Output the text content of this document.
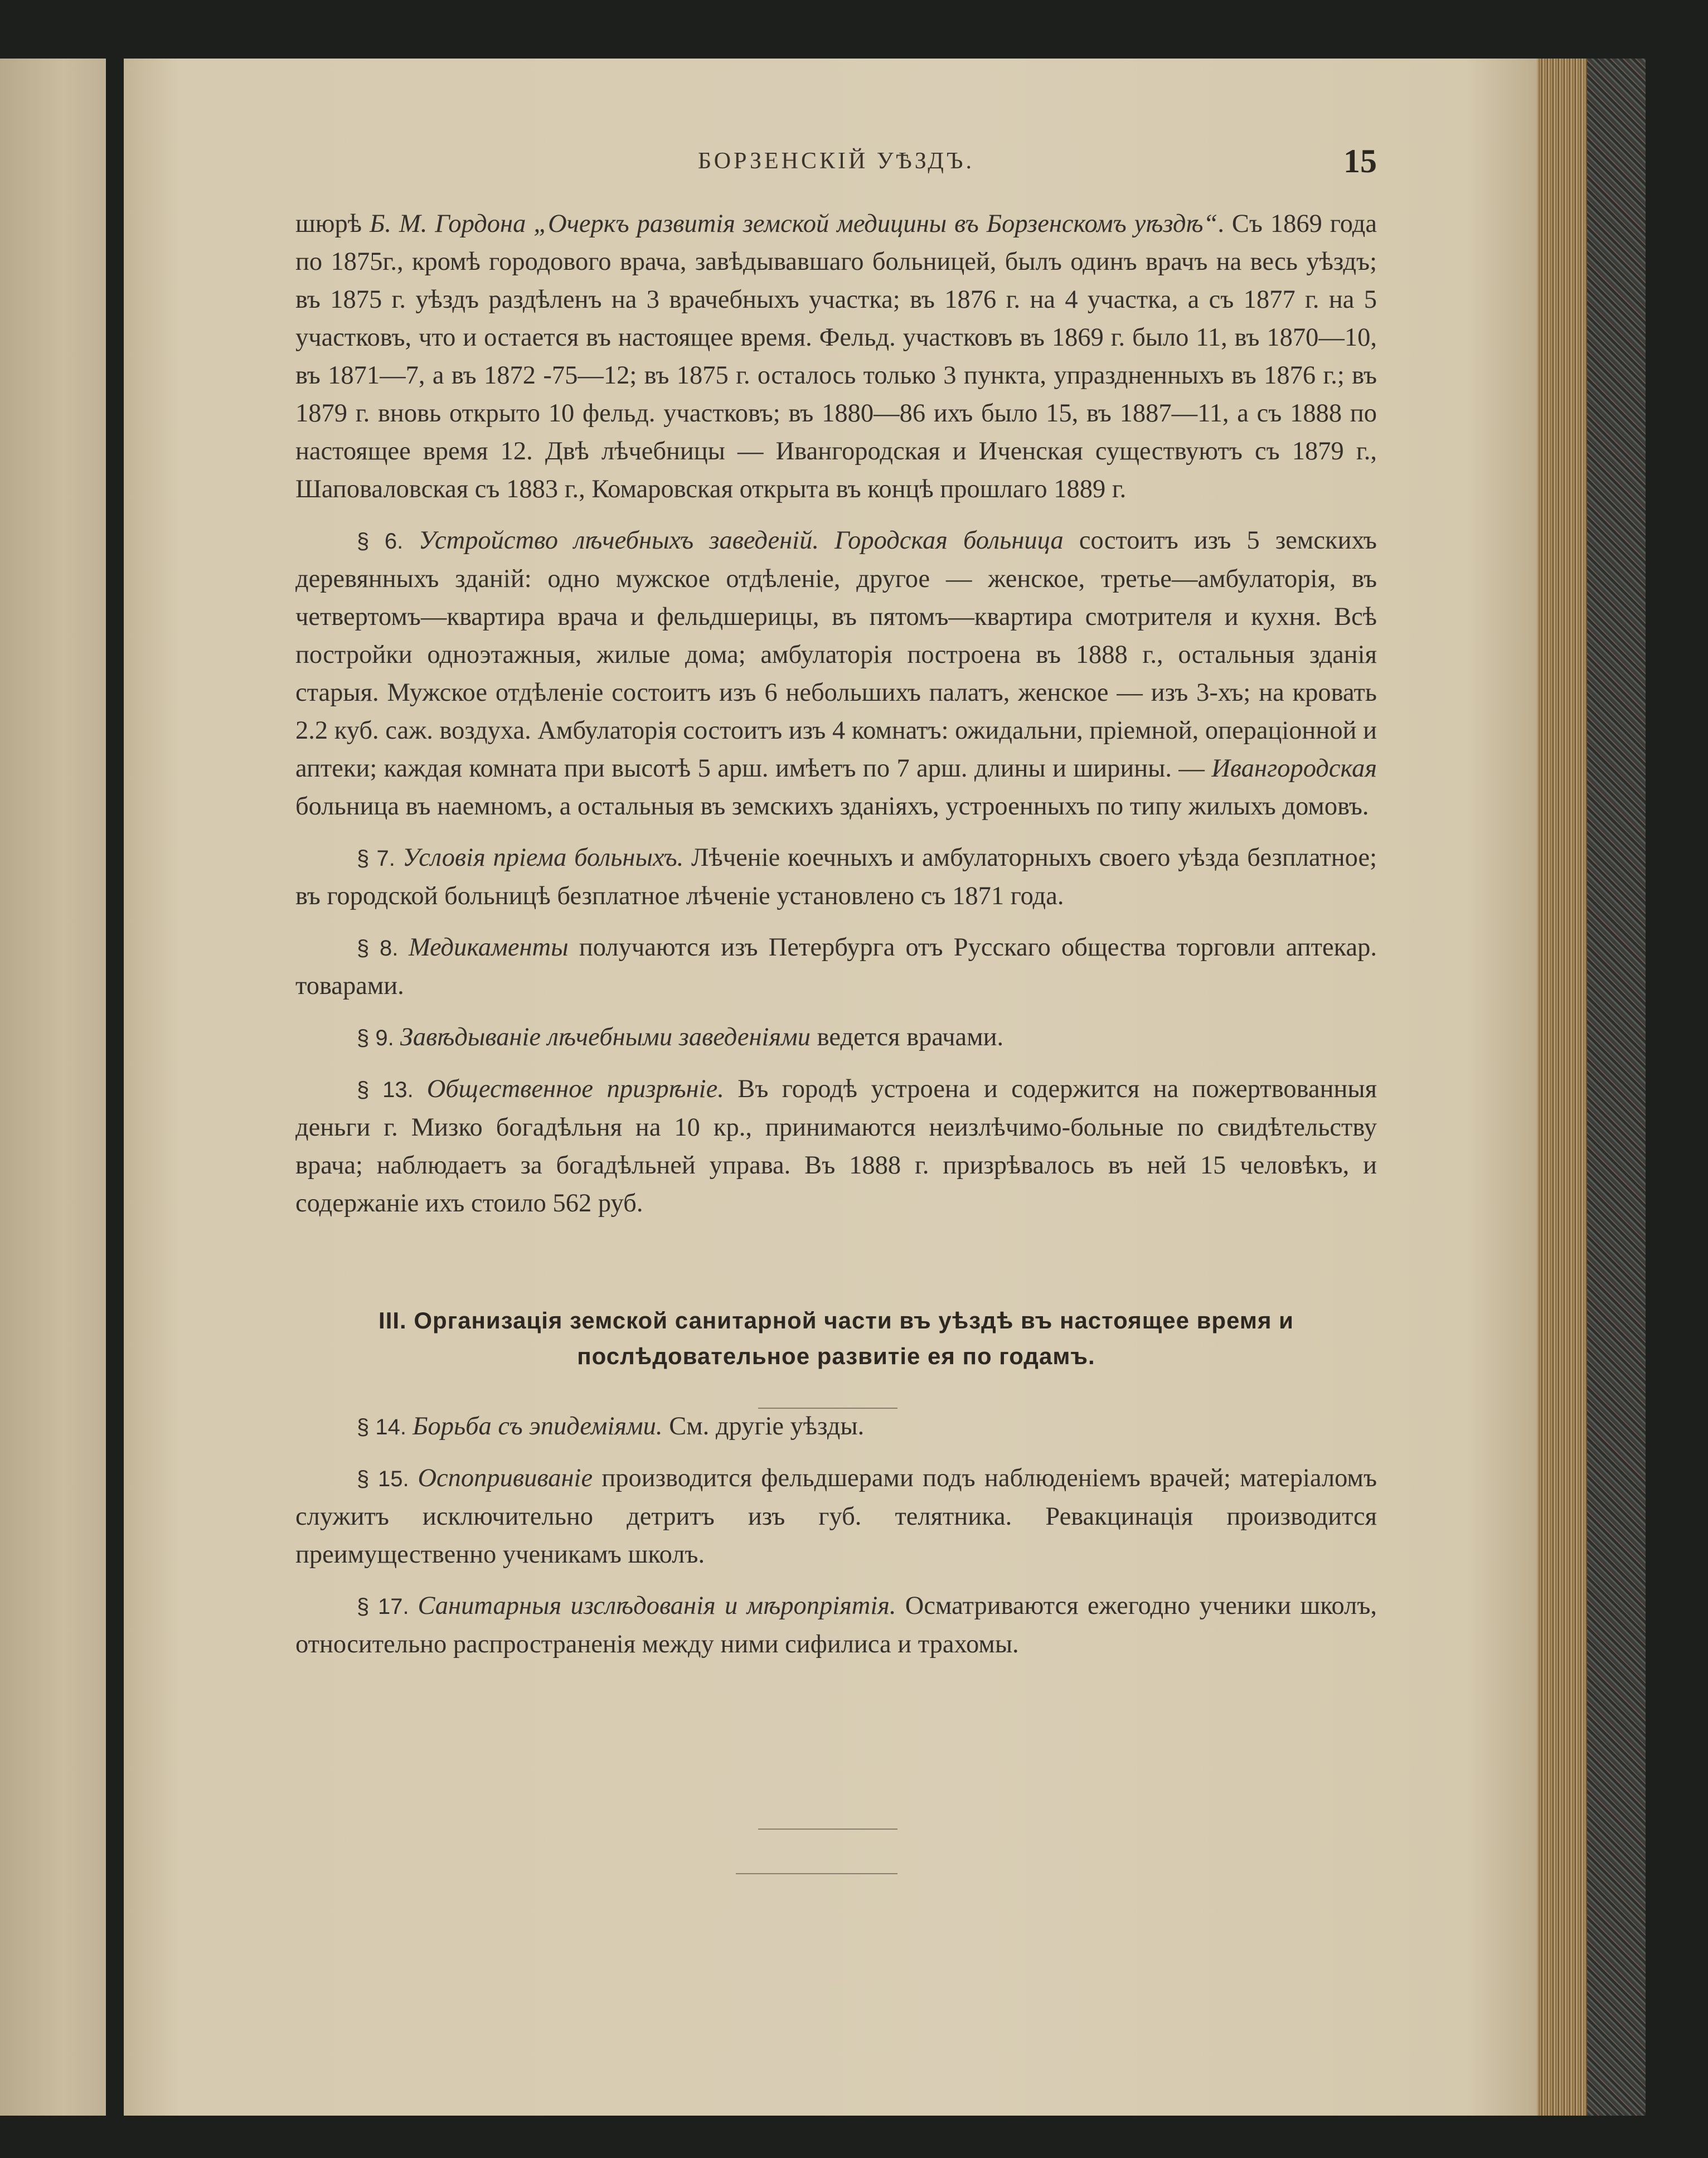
БОРЗЕНСКІЙ УѢЗДЪ.	15

шюрѣ Б. М. Гордона „Очеркъ развитія земской медицины въ Борзенскомъ уѣздѣ“. Съ 1869 года по 1875г., кромѣ городового врача, завѣдывавшаго больницей, былъ одинъ врачъ на весь уѣздъ; въ 1875 г. уѣздъ раздѣленъ на 3 врачебныхъ участка; въ 1876 г. на 4 участка, а съ 1877 г. на 5 участковъ, что и остается въ настоящее время. Фельд. участковъ въ 1869 г. было 11, въ 1870—10, въ 1871—7, а въ 1872 -75—12; въ 1875 г. осталось только 3 пункта, упраздненныхъ въ 1876 г.; въ 1879 г. вновь открыто 10 фельд. участковъ; въ 1880—86 ихъ было 15, въ 1887—11, а съ 1888 по настоящее время 12. Двѣ лѣчебницы — Ивангородская и Иченская существуютъ съ 1879 г., Шаповаловская съ 1883 г., Комаровская открыта въ концѣ прошлаго 1889 г.

§ 6. Устройство лѣчебныхъ заведеній. Городская больница состоитъ изъ 5 земскихъ деревянныхъ зданій: одно мужское отдѣленіе, другое — женское, третье—амбулаторія, въ четвертомъ—квартира врача и фельдшерицы, въ пятомъ—квартира смотрителя и кухня. Всѣ постройки одноэтажныя, жилые дома; амбулаторія построена въ 1888 г., остальныя зданія старыя. Мужское отдѣленіе состоитъ изъ 6 небольшихъ палатъ, женское — изъ 3-хъ; на кровать 2.2 куб. саж. воздуха. Амбулаторія состоитъ изъ 4 комнатъ: ожидальни, пріемной, операціонной и аптеки; каждая комната при высотѣ 5 арш. имѣетъ по 7 арш. длины и ширины. — Ивангородская больница въ наемномъ, а остальныя въ земскихъ зданіяхъ, устроенныхъ по типу жилыхъ домовъ.

§ 7. Условія пріема больныхъ. Лѣченіе коечныхъ и амбулаторныхъ своего уѣзда безплатное; въ городской больницѣ безплатное лѣченіе установлено съ 1871 года.

§ 8. Медикаменты получаются изъ Петербурга отъ Русскаго общества торговли аптекар. товарами.

§ 9. Завѣдываніе лѣчебными заведеніями ведется врачами.

§ 13. Общественное призрѣніе. Въ городѣ устроена и содержится на пожертвованныя деньги г. Мизко богадѣльня на 10 кр., принимаются неизлѣчимо-больные по свидѣтельству врача; наблюдаетъ за богадѣльней управа. Въ 1888 г. призрѣвалось въ ней 15 человѣкъ, и содержаніе ихъ стоило 562 руб.

III. Организація земской санитарной части въ уѣздѣ въ настоящее время и

послѣдовательное развитіе ея по годамъ.

§ 14. Борьба съ эпидеміями. См. другіе уѣзды.

§ 15. Оспопрививаніе производится фельдшерами подъ наблюденіемъ врачей; матеріаломъ служитъ исключительно детритъ изъ губ. телятника. Ревакцинація производится преимущественно ученикамъ школъ.

§ 17. Санитарныя изслѣдованія и мѣропріятія. Осматриваются ежегодно ученики школъ, относительно распространенія между ними сифилиса и трахомы.
